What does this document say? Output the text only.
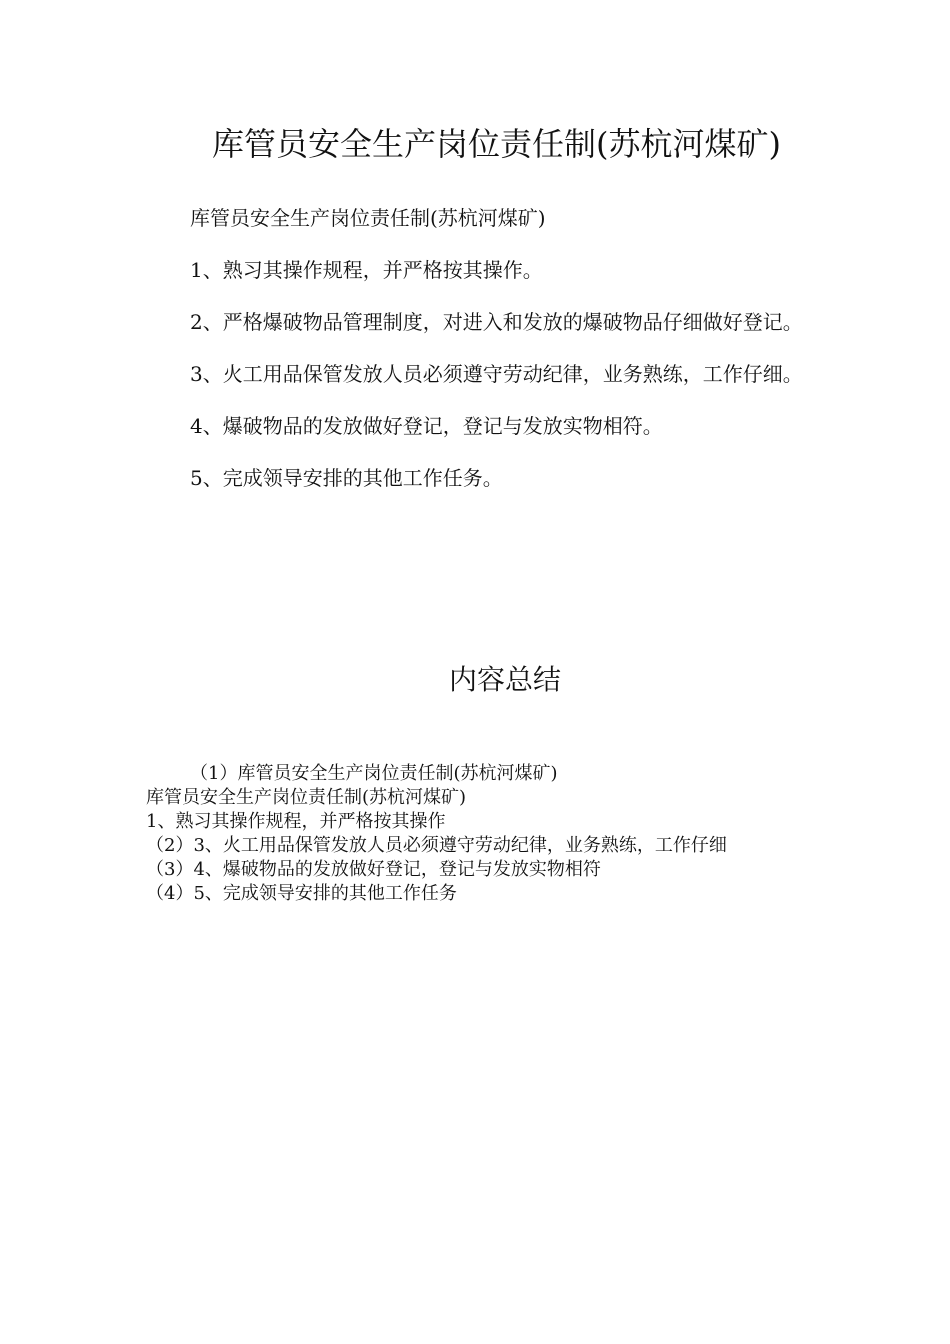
库管员安全生产岗位责任制(苏杭河煤矿)

库管员安全生产岗位责任制(苏杭河煤矿)

1、熟习其操作规程，并严格按其操作。

2、严格爆破物品管理制度，对进入和发放的爆破物品仔细做好登记。

3、火工用品保管发放人员必须遵守劳动纪律，业务熟练，工作仔细。

4、爆破物品的发放做好登记，登记与发放实物相符。

5、完成领导安排的其他工作任务。

内容总结

（1）库管员安全生产岗位责任制(苏杭河煤矿)

库管员安全生产岗位责任制(苏杭河煤矿)

1、熟习其操作规程，并严格按其操作

（2）3、火工用品保管发放人员必须遵守劳动纪律，业务熟练，工作仔细

（3）4、爆破物品的发放做好登记，登记与发放实物相符

（4）5、完成领导安排的其他工作任务
